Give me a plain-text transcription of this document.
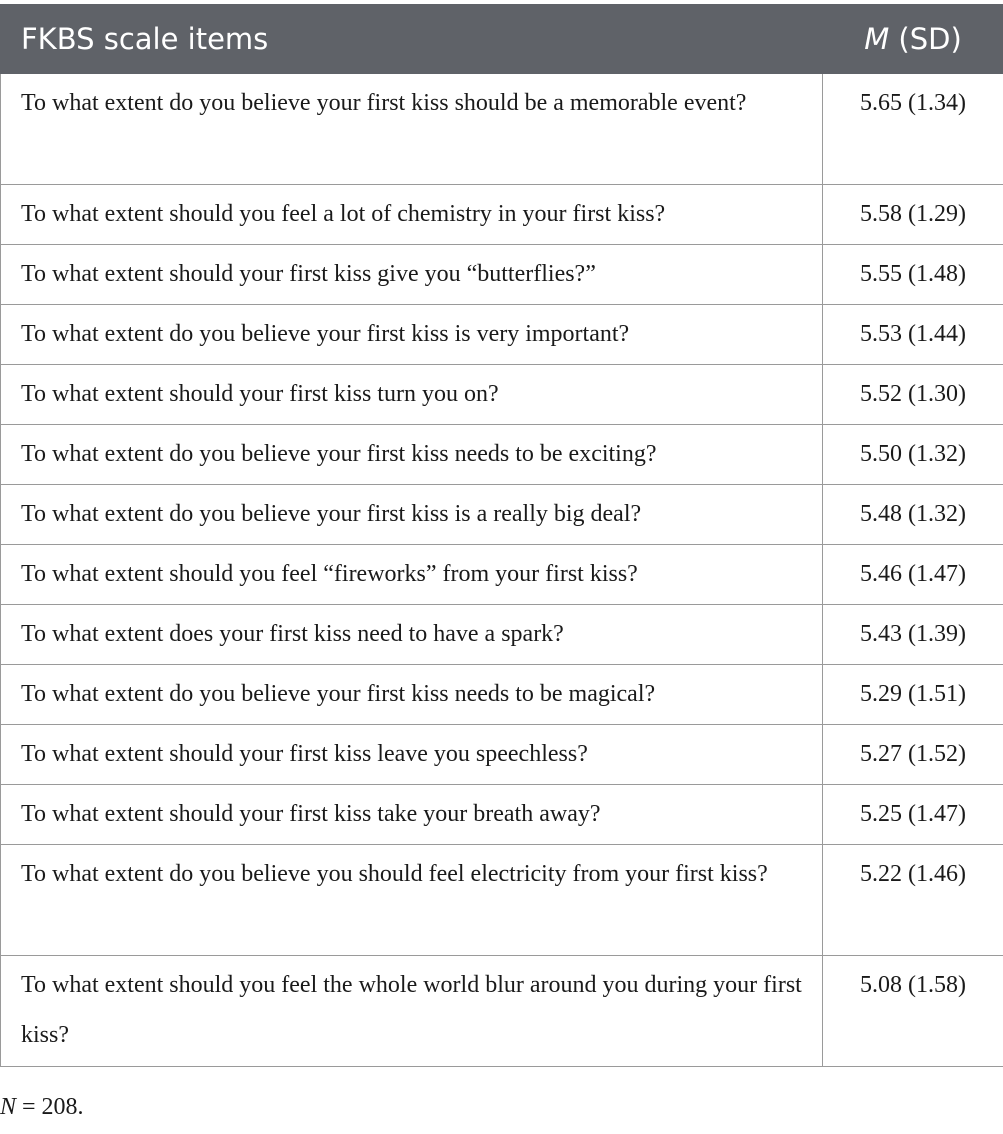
FKBS scale items	M (SD)
To what extent do you believe your first kiss should be a memorable event?	5.65 (1.34)
To what extent should you feel a lot of chemistry in your first kiss?	5.58 (1.29)
To what extent should your first kiss give you “butterflies?”	5.55 (1.48)
To what extent do you believe your first kiss is very important?	5.53 (1.44)
To what extent should your first kiss turn you on?	5.52 (1.30)
To what extent do you believe your first kiss needs to be exciting?	5.50 (1.32)
To what extent do you believe your first kiss is a really big deal?	5.48 (1.32)
To what extent should you feel “fireworks” from your first kiss?	5.46 (1.47)
To what extent does your first kiss need to have a spark?	5.43 (1.39)
To what extent do you believe your first kiss needs to be magical?	5.29 (1.51)
To what extent should your first kiss leave you speechless?	5.27 (1.52)
To what extent should your first kiss take your breath away?	5.25 (1.47)
To what extent do you believe you should feel electricity from your first kiss?	5.22 (1.46)
To what extent should you feel the whole world blur around you during your first kiss?	5.08 (1.58)
N = 208.
